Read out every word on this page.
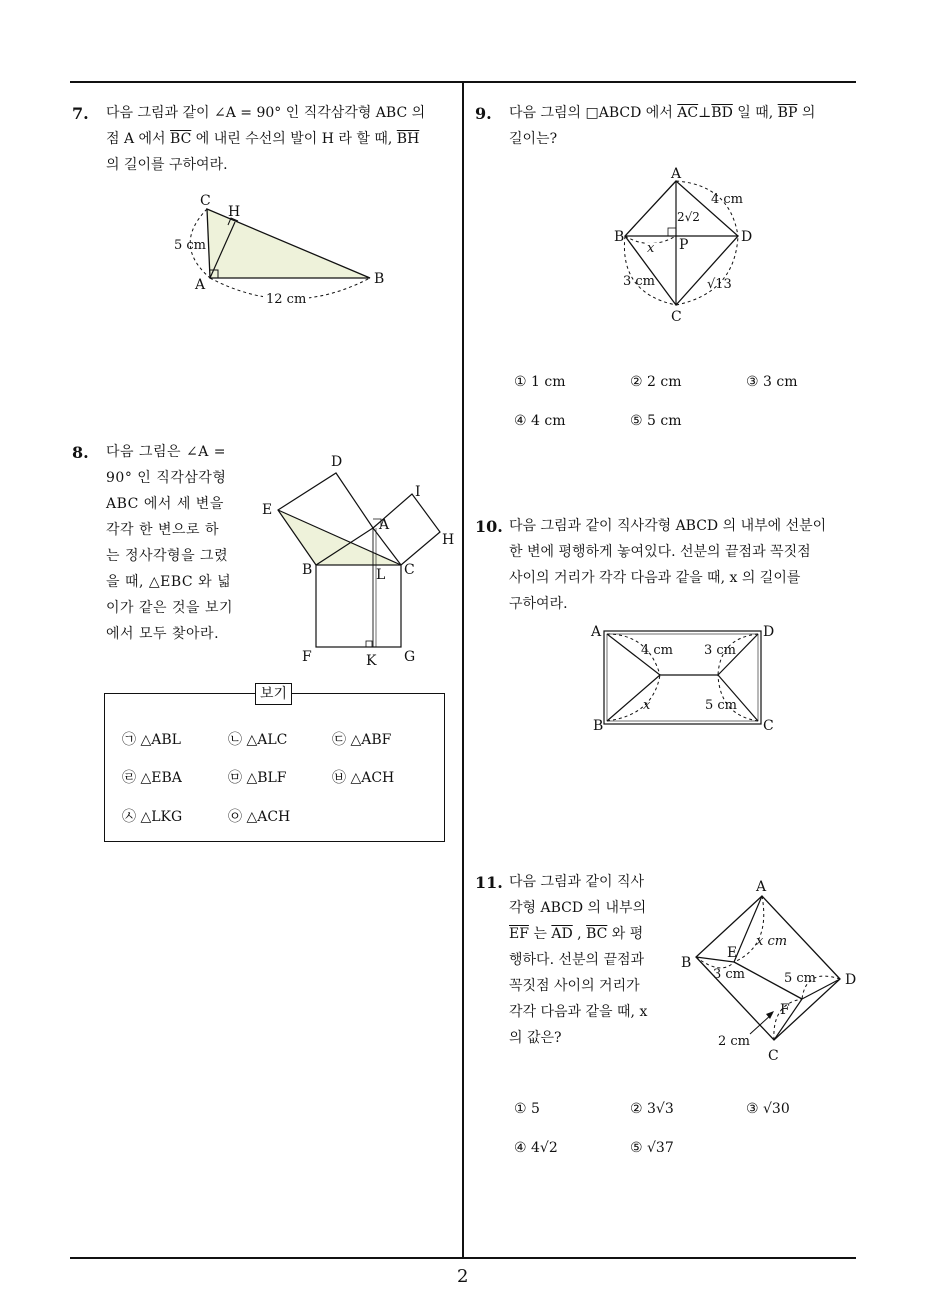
7. 다음 그림과 같이 ∠A = 90° 인 직각삼각형 ABC 의
점 A 에서 $\overline{BC}$ 에 내린 수선의 발이 H 라 할 때, $\overline{BH}$
의 길이를 구하여라.
C
H
A	B
5 cm
12 cm
8. 다음 그림은 ∠A =
90° 인 직각삼각형
ABC 에서 세 변을
각각 한 변으로 하
는 정사각형을 그렸
을 때, △EBC 와 넓
이가 같은 것을 보기
에서 모두 찾아라.
D
I
E
A
H
B	L C
F	K G
보기
㉠ △ABL	㉡ △ALC	㉢ △ABF
㉣ △EBA	㉤ △BLF	㉥ △ACH
㉦ △LKG	㉧ △ACH
9. 다음 그림의 □ABCD 에서 $\overline{AC}\perp\overline{BD}$ 일 때, $\overline{BP}$ 의
길이는?
A
B	D
C
P
4 cm
2√2
x
3 cm	√13
① 1 cm	② 2 cm	③ 3 cm
④ 4 cm	⑤ 5 cm
10. 다음 그림과 같이 직사각형 ABCD 의 내부에 선분이
한 변에 평행하게 놓여있다. 선분의 끝점과 꼭짓점
사이의 거리가 각각 다음과 같을 때, x 의 길이를
구하여라.
A	D
B	C
4 cm 3 cm
x	5 cm
11. 다음 그림과 같이 직사
각형 ABCD 의 내부의
$\overline{EF}$ 는 $\overline{AD}$ , $\overline{BC}$ 와 평
행하다. 선분의 끝점과
꼭짓점 사이의 거리가
각각 다음과 같을 때, x
의 값은?
A
B
D
C
E
F
x cm
3 cm	5 cm
2 cm
① 5	② 3√3	③ √30
④ 4√2	⑤ √37
2
